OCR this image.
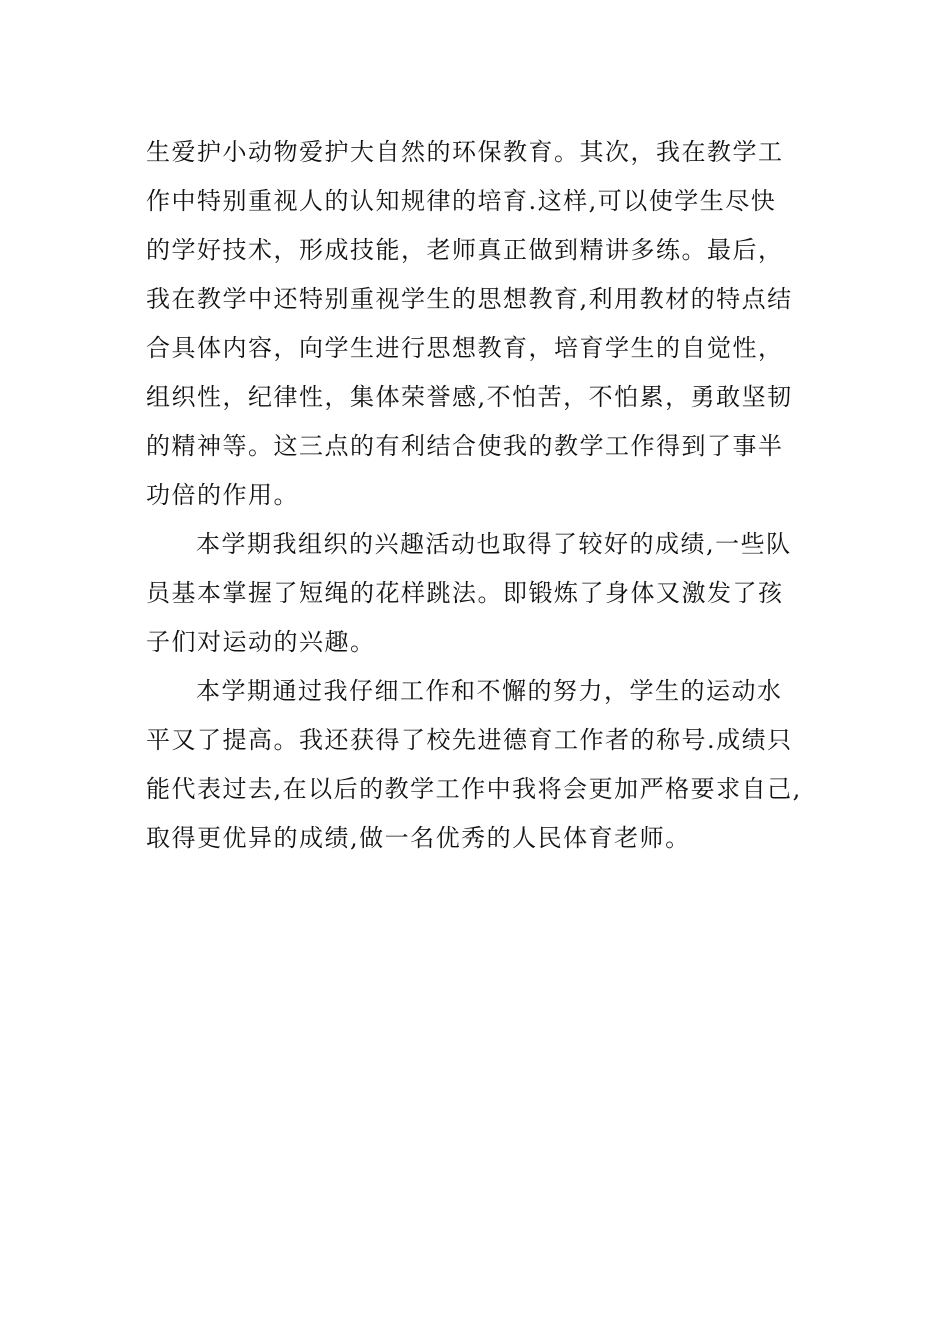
生爱护小动物爱护大自然的环保教育。其次，我在教学工
作中特别重视人的认知规律的培育.这样,可以使学生尽快
的学好技术，形成技能，老师真正做到精讲多练。最后，
我在教学中还特别重视学生的思想教育,利用教材的特点结
合具体内容，向学生进行思想教育，培育学生的自觉性，
组织性，纪律性，集体荣誉感,不怕苦，不怕累，勇敢坚韧
的精神等。这三点的有利结合使我的教学工作得到了事半
功倍的作用。
本学期我组织的兴趣活动也取得了较好的成绩,一些队
员基本掌握了短绳的花样跳法。即锻炼了身体又激发了孩
子们对运动的兴趣。
本学期通过我仔细工作和不懈的努力，学生的运动水
平又了提高。我还获得了校先进德育工作者的称号.成绩只
能代表过去,在以后的教学工作中我将会更加严格要求自己,
取得更优异的成绩,做一名优秀的人民体育老师。
